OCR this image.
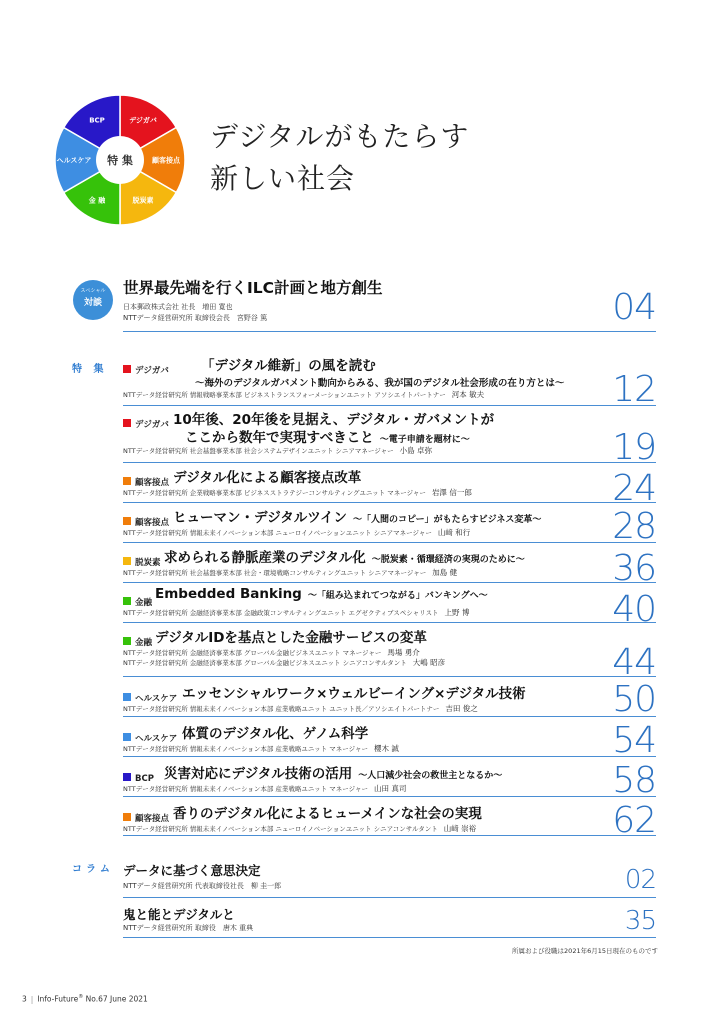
デジガバ
顧客接点
脱炭素
金 融
ヘルスケア
BCP
特 集
デジタルがもたらす
新しい社会
スペシャル
対談
世界最先端を行くILC計画と地方創生
日本郵政株式会社 社長　増田 寛也
NTTデータ経営研究所 取締役会長　宮野谷 篤	04
特 集	デジガバ 「デジタル維新」の風を読む
〜海外のデジタルガバメント動向からみる、我が国のデジタル社会形成の在り方とは〜
NTTデータ経営研究所 情報戦略事業本部 ビジネストランスフォーメーションユニット アソシエイトパートナー 河本 敏夫	12
デジガバ 10年後、20年後を見据え、デジタル・ガバメントが
ここから数年で実現すべきこと 〜電子申請を題材に〜
NTTデータ経営研究所 社会基盤事業本部 社会システムデザインユニット シニアマネージャー 小島 卓弥	19
顧客接点 デジタル化による顧客接点改革
NTTデータ経営研究所 企業戦略事業本部 ビジネスストラテジーコンサルティングユニット マネージャー 岩澤 信一郎	24
顧客接点 ヒューマン・デジタルツイン 〜「人間のコピー」がもたらすビジネス変革〜
NTTデータ経営研究所 情報未来イノベーション本部 ニューロイノベーションユニット シニアマネージャー 山﨑 和行	28
脱炭素 求められる静脈産業のデジタル化 〜脱炭素・循環経済の実現のために〜
NTTデータ経営研究所 社会基盤事業本部 社会・環境戦略コンサルティングユニット シニアマネージャー 加島 健	36
金融
Embedded Banking 〜「組み込まれてつながる」バンキングへ〜
NTTデータ経営研究所 金融経済事業本部 金融政策コンサルティングユニット エグゼクティブスペシャリスト 上野 博	40
金融 デジタルIDを基点とした金融サービスの変革
NTTデータ経営研究所 金融経済事業本部 グローバル金融ビジネスユニット マネージャー 馬場 勇介
NTTデータ経営研究所 金融経済事業本部 グローバル金融ビジネスユニット シニアコンサルタント 大嶋 昭彦	44
ヘルスケア エッセンシャルワーク×ウェルビーイング×デジタル技術
NTTデータ経営研究所 情報未来イノベーション本部 産業戦略ユニット ユニット長／アソシエイトパートナー 吉田 俊之	50
ヘルスケア 体質のデジタル化、ゲノム科学
NTTデータ経営研究所 情報未来イノベーション本部 産業戦略ユニット マネージャー 櫻木 誠	54
BCP 災害対応にデジタル技術の活用 〜人口減少社会の救世主となるか〜
NTTデータ経営研究所 情報未来イノベーション本部 産業戦略ユニット マネージャー 山田 真司	58
顧客接点 香りのデジタル化によるヒューメインな社会の実現
NTTデータ経営研究所 情報未来イノベーション本部 ニューロイノベーションユニット シニアコンサルタント 山﨑 崇裕	62
コラム データに基づく意思決定
NTTデータ経営研究所 代表取締役社長　柳 圭一郎	02
鬼と能とデジタルと
NTTデータ経営研究所 取締役　唐木 重典	35
所属および役職は2021年6月15日現在のものです
3 | Info-Future® No.67 June 2021
